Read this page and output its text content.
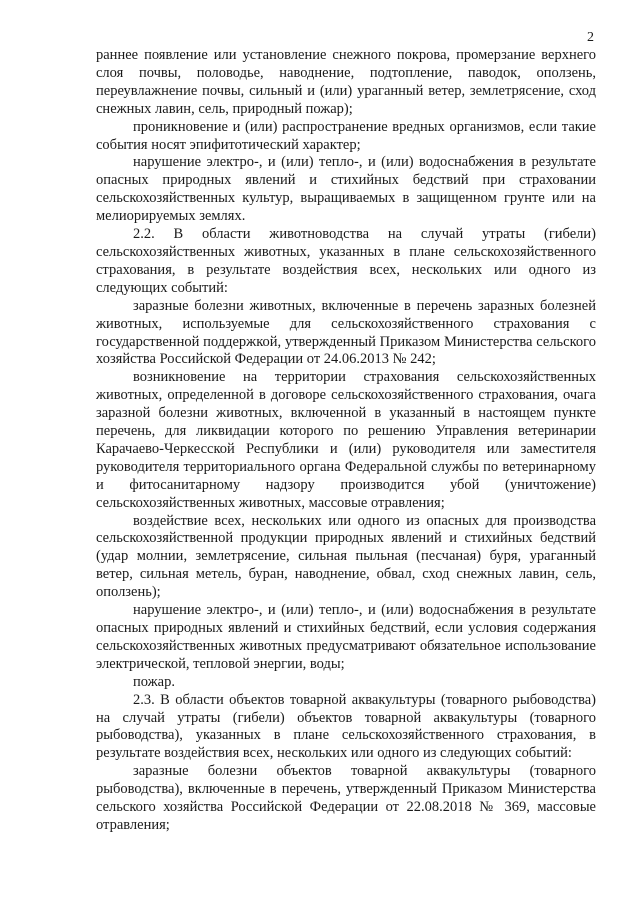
2

раннее появление или установление снежного покрова, промерзание верхнего слоя почвы, половодье, наводнение, подтопление, паводок, оползень, переувлажнение почвы, сильный и (или) ураганный ветер, землетрясение, сход снежных лавин, сель, природный пожар);

проникновение и (или) распространение вредных организмов, если такие события носят эпифитотический характер;

нарушение электро-, и (или) тепло-, и (или) водоснабжения в результате опасных природных явлений и стихийных бедствий при страховании сельскохозяйственных культур, выращиваемых в защищенном грунте или на мелиорируемых землях.

2.2. В области животноводства на случай утраты (гибели) сельскохозяйственных животных, указанных в плане сельскохозяйственного страхования, в результате воздействия всех, нескольких или одного из следующих событий:

заразные болезни животных, включенные в перечень заразных болезней животных, используемые для сельскохозяйственного страхования с государственной поддержкой, утвержденный Приказом Министерства сельского хозяйства Российской Федерации от 24.06.2013 № 242;

возникновение на территории страхования сельскохозяйственных животных, определенной в договоре сельскохозяйственного страхования, очага заразной болезни животных, включенной в указанный в настоящем пункте перечень, для ликвидации которого по решению Управления ветеринарии Карачаево-Черкесской Республики и (или) руководителя или заместителя руководителя территориального органа Федеральной службы по ветеринарному и фитосанитарному надзору производится убой (уничтожение) сельскохозяйственных животных, массовые отравления;

воздействие всех, нескольких или одного из опасных для производства сельскохозяйственной продукции природных явлений и стихийных бедствий (удар молнии, землетрясение, сильная пыльная (песчаная) буря, ураганный ветер, сильная метель, буран, наводнение, обвал, сход снежных лавин, сель, оползень);

нарушение электро-, и (или) тепло-, и (или) водоснабжения в результате опасных природных явлений и стихийных бедствий, если условия содержания сельскохозяйственных животных предусматривают обязательное использование электрической, тепловой энергии, воды;

пожар.

2.3. В области объектов товарной аквакультуры (товарного рыбоводства) на случай утраты (гибели) объектов товарной аквакультуры (товарного рыбоводства), указанных в плане сельскохозяйственного страхования, в результате воздействия всех, нескольких или одного из следующих событий:

заразные болезни объектов товарной аквакультуры (товарного рыбоводства), включенные в перечень, утвержденный Приказом Министерства сельского хозяйства Российской Федерации от 22.08.2018 № 369, массовые отравления;
